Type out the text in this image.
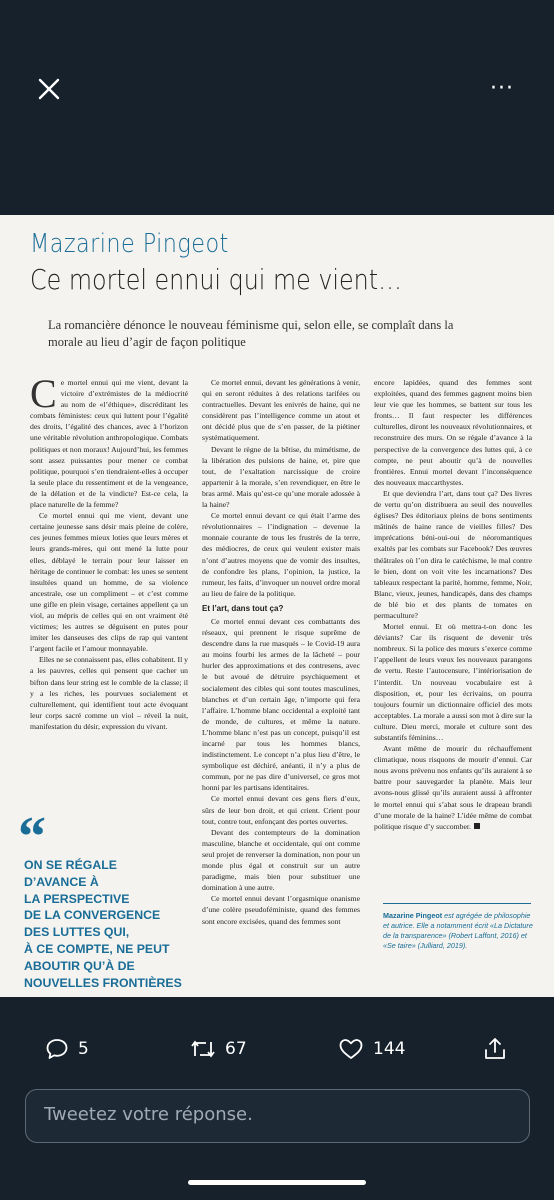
···
Mazarine Pingeot
Ce mortel ennui qui me vient…
La romancière dénonce le nouveau féminisme qui, selon elle, se complaît dans la morale au lieu d’agir de façon politique

Ce mortel ennui qui me vient, devant la victoire d’extrémistes de la médiocrité au nom de «l’éthique», discréditant les combats féministes: ceux qui luttent pour l’égalité des droits, l’égalité des chances, avec à l’horizon une véritable révolution anthropologique. Combats politiques et non moraux! Aujourd’hui, les femmes sont assez puissantes pour mener ce combat politique, pourquoi s’en tiendraient-elles à occuper la seule place du ressentiment et de la vengeance, de la délation et de la vindicte? Est-ce cela, la place naturelle de la femme?

Ce mortel ennui qui me vient, devant une certaine jeunesse sans désir mais pleine de colère, ces jeunes femmes mieux loties que leurs mères et leurs grands-mères, qui ont mené la lutte pour elles, déblayé le terrain pour leur laisser en héritage de continuer le combat: les unes se sentent insultées quand un homme, de sa violence ancestrale, ose un compliment – et c’est comme une gifle en plein visage, certaines appellent ça un viol, au mépris de celles qui en ont vraiment été victimes; les autres se déguisent en putes pour imiter les danseuses des clips de rap qui vantent l’argent facile et l’amour monnayable.

Elles ne se connaissent pas, elles cohabitent. Il y a les pauvres, celles qui pensent que cacher un bifton dans leur string est le comble de la classe; il y a les riches, les pourvues socialement et culturellement, qui identifient tout acte évoquant leur corps sacré comme un viol – réveil la nuit, manifestation du désir, expression du vivant.

Ce mortel ennui, devant les générations à venir, qui en seront réduites à des relations tarifées ou contractuelles. Devant les enivrés de haine, qui ne considèrent pas l’intelligence comme un atout et ont décidé plus que de s’en passer, de la piétiner systématiquement.

Devant le règne de la bêtise, du mimétisme, de la libération des pulsions de haine, et, pire que tout, de l’exaltation narcissique de croire appartenir à la morale, s’en revendiquer, en être le bras armé. Mais qu’est-ce qu’une morale adossée à la haine?

Ce mortel ennui devant ce qui était l’arme des révolutionnaires – l’indignation – devenue la monnaie courante de tous les frustrés de la terre, des médiocres, de ceux qui veulent exister mais n’ont d’autres moyens que de vomir des insultes, de confondre les plans, l’opinion, la justice, la rumeur, les faits, d’invoquer un nouvel ordre moral au lieu de faire de la politique.

Et l’art, dans tout ça?

Ce mortel ennui devant ces combattants des réseaux, qui prennent le risque suprême de descendre dans la rue masqués – le Covid-19 aura au moins fourbi les armes de la lâcheté – pour hurler des approximations et des contresens, avec le but avoué de détruire psychiquement et socialement des cibles qui sont toutes masculines, blanches et d’un certain âge, n’importe qui fera l’affaire. L’homme blanc occidental a exploité tant de monde, de cultures, et même la nature. L’homme blanc n’est pas un concept, puisqu’il est incarné par tous les hommes blancs, indistinctement. Le concept n’a plus lieu d’être, le symbolique est déchiré, anéanti, il n’y a plus de commun, por ne pas dire d’universel, ce gros mot honni par les partisans identitaires.

Ce mortel ennui devant ces gens fiers d’eux, sûrs de leur bon droit, et qui crient. Crient pour tout, contre tout, enfonçant des portes ouvertes.

Devant des contempteurs de la domination masculine, blanche et occidentale, qui ont comme seul projet de renverser la domination, non pour un monde plus égal et construit sur un autre paradigme, mais bien pour substituer une domination à une autre.

Ce mortel ennui devant l’orgasmique onanisme d’une colère pseudoféministe, quand des femmes sont encore excisées, quand des femmes sont

encore lapidées, quand des femmes sont exploitées, quand des femmes gagnent moins bien leur vie que les hommes, se battent sur tous les fronts… Il faut respecter les différences culturelles, diront les nouveaux révolutionnaires, et reconstruire des murs. On se régale d’avance à la perspective de la convergence des luttes qui, à ce compte, ne peut aboutir qu’à de nouvelles frontières. Ennui mortel devant l’inconséquence des nouveaux maccarthystes.

Et que deviendra l’art, dans tout ça? Des livres de vertu qu’on distribuera au seuil des nouvelles églises? Des éditoriaux pleins de bons sentiments mâtinés de haine rance de vieilles filles? Des imprécations béni-oui-oui de néoromantiques exaltés par les combats sur Facebook? Des œuvres théâtrales où l’on dira le catéchisme, le mal contre le bien, dont on voit vite les incarnations? Des tableaux respectant la parité, homme, femme, Noir, Blanc, vieux, jeunes, handicapés, dans des champs de blé bio et des plants de tomates en permaculture?

Mortel ennui. Et où mettra-t-on donc les déviants? Car ils risquent de devenir très nombreux. Si la police des mœurs s’exerce comme l’appellent de leurs vœux les nouveaux parangons de vertu. Reste l’autocensure, l’intériorisation de l’interdit. Un nouveau vocabulaire est à disposition, et, pour les écrivains, on pourra toujours fournir un dictionnaire officiel des mots acceptables. La morale a aussi son mot à dire sur la culture. Dieu merci, morale et culture sont des substantifs féminins…

Avant même de mourir du réchauffement climatique, nous risquons de mourir d’ennui. Car nous avons prévenu nos enfants qu’ils auraient à se battre pour sauvegarder la planète. Mais leur avons-nous glissé qu’ils auraient aussi à affronter le mortel ennui qui s’abat sous le drapeau brandi d’une morale de la haine? L’idée même de combat politique risque d’y succomber.

“
ON SE RÉGALE
D’AVANCE À
LA PERSPECTIVE
DE LA CONVERGENCE
DES LUTTES QUI,
À CE COMPTE, NE PEUT
ABOUTIR QU’À DE
NOUVELLES FRONTIÈRES
Mazarine Pingeot est agrégée de philosophie et autrice. Elle a notamment écrit «La Dictature de la transparence» (Robert Laffont, 2016) et «Se taire» (Julliard, 2019).
5	67	144
Tweetez votre réponse.
